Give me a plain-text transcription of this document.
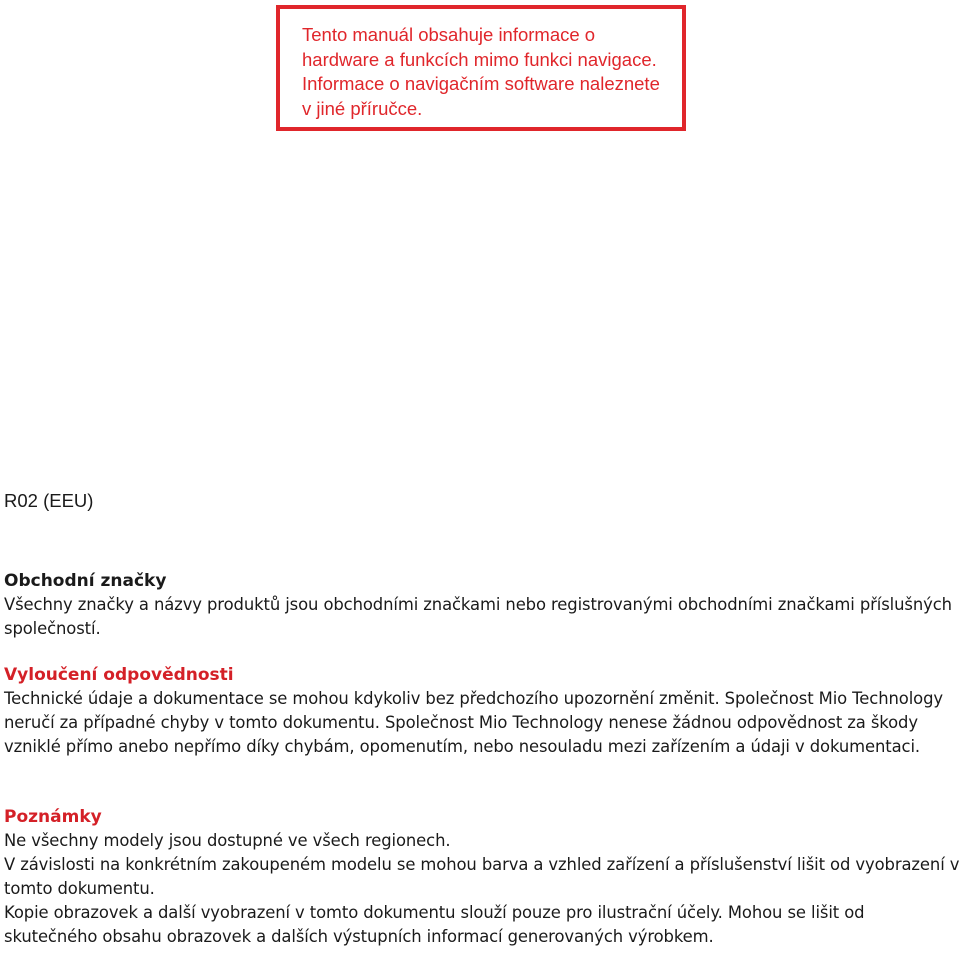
Tento manuál obsahuje informace o hardware a funkcích mimo funkci navigace. Informace o navigačním software naleznete v jiné příručce.

R02 (EEU)

Obchodní značky

Všechny značky a názvy produktů jsou obchodními značkami nebo registrovanými obchodními značkami příslušných společností.

Vyloučení odpovědnosti

Technické údaje a dokumentace se mohou kdykoliv bez předchozího upozornění změnit. Společnost Mio Technology neručí za případné chyby v tomto dokumentu. Společnost Mio Technology nenese žádnou odpovědnost za škody vzniklé přímo anebo nepřímo díky chybám, opomenutím, nebo nesouladu mezi zařízením a údaji v dokumentaci.

Poznámky

Ne všechny modely jsou dostupné ve všech regionech.

V závislosti na konkrétním zakoupeném modelu se mohou barva a vzhled zařízení a příslušenství lišit od vyobrazení v tomto dokumentu.

Kopie obrazovek a další vyobrazení v tomto dokumentu slouží pouze pro ilustrační účely. Mohou se lišit od skutečného obsahu obrazovek a dalších výstupních informací generovaných výrobkem.
